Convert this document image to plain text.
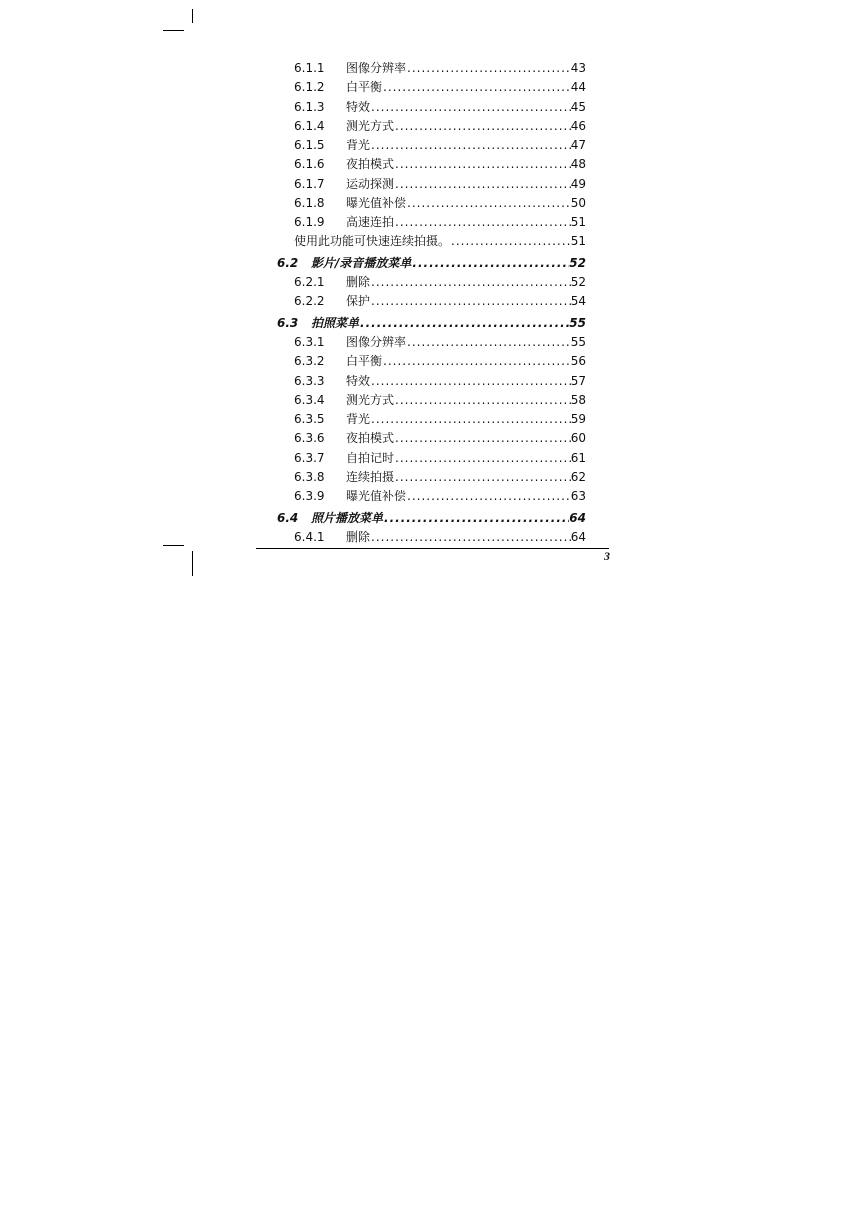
6.1.1	图像分辨率 .....	43
6.1.2	白平衡 .....	44
6.1.3	特效 .....	45
6.1.4	测光方式 .....	46
6.1.5	背光 .....	47
6.1.6	夜拍模式 .....	48
6.1.7	运动探测 .....	49
6.1.8	曝光值补偿 .....	50
6.1.9	高速连拍 .....	51
使用此功能可快速连续拍摄。 .....	51
6.2	影片/录音播放菜单 .....	52
6.2.1	删除 .....	52
6.2.2	保护 .....	54
6.3	拍照菜单 .....	55
6.3.1	图像分辨率 .....	55
6.3.2	白平衡 .....	56
6.3.3	特效 .....	57
6.3.4	测光方式 .....	58
6.3.5	背光 .....	59
6.3.6	夜拍模式 .....	60
6.3.7	自拍记时 .....	61
6.3.8	连续拍摄 .....	62
6.3.9	曝光值补偿 .....	63
6.4	照片播放菜单 .....	64
6.4.1	删除 .....	64
3
